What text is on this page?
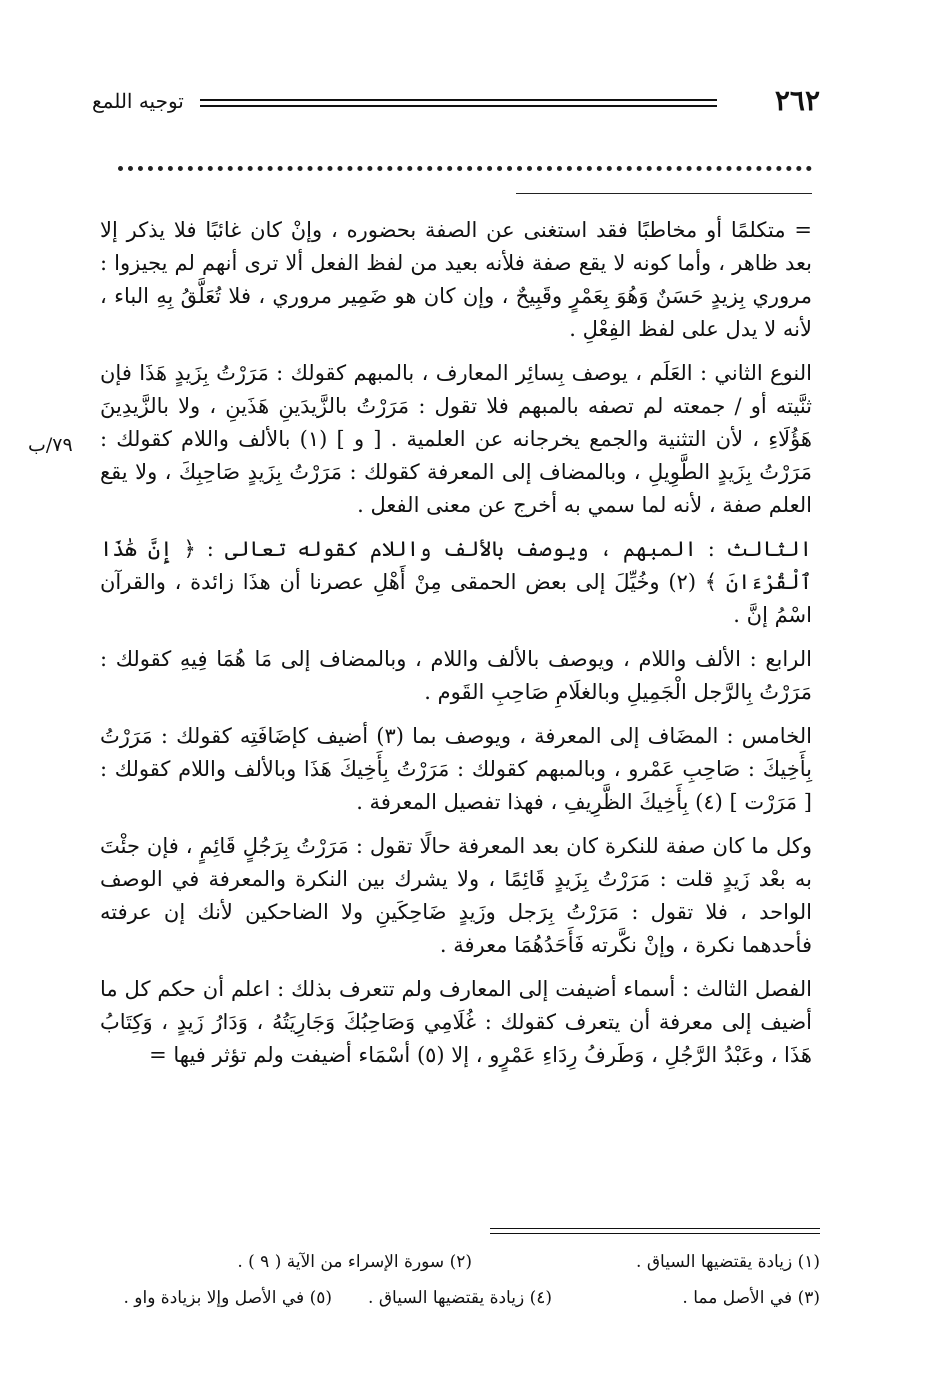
٢٦٢
توجيه اللمع
٧٩/ب

= متكلمًا أو مخاطبًا فقد استغنى عن الصفة بحضوره ، وإنْ كان غائبًا فلا يذكر إلا بعد ظاهر ، وأما كونه لا يقع صفة فلأنه بعيد من لفظ الفعل ألا ترى أنهم لم يجيزوا : مروري بِزيدٍ حَسَنٌ وَهُوَ بِعَمْرٍ وقَبِيحٌ ، وإن كان هو ضَمِير مروري ، فلا تُعَلَّقُ بِهِ الباء ، لأنه لا يدل على لفظ الفِعْلِ .

النوع الثاني : العَلَم ، يوصف بِسائِر المعارف ، بالمبهم كقولك : مَرَرْتُ بِزَيدٍ هَذَا فإن ثنَّيته أو / جمعته لم تصفه بالمبهم فلا تقول : مَرَرْتُ بالزَّيدَينِ هَذَينِ ، ولا بالزَّيدِينَ هَؤُلَاءِ ، لأن التثنية والجمع يخرجانه عن العلمية . [ و ] (١) بالألف واللام كقولك : مَرَرْتُ بِزَيدٍ الطَّوِيلِ ، وبالمضاف إلى المعرفة كقولك : مَرَرْتُ بِزَيدٍ صَاحِبِكَ ، ولا يقع العلم صفة ، لأنه لما سمي به أخرج عن معنى الفعل .

الثالث : المبهم ، ويوصف بالألف واللام كقوله تعالى : ﴿ إِنَّ هَٰذَا ٱلْقُرْءَانَ ﴾ (٢) وخُيِّلَ إلى بعض الحمقى مِنْ أَهْلِ عصرنا أن هذَا زائدة ، والقرآن اسْمُ إنَّ .

الرابع : الألف واللام ، ويوصف بالألف واللام ، وبالمضاف إلى مَا هُمَا فِيهِ كقولك : مَرَرْتُ بِالرَّجل الْجَمِيلِ وبالغلَامِ صَاحِبِ القَوم .

الخامس : المضَاف إلى المعرفة ، ويوصف بما (٣) أضيف كإضَافَتِه كقولك : مَرَرْتُ بِأَخِيكَ : صَاحِبِ عَمْرو ، وبالمبهم كقولك : مَرَرْتُ بِأَخِيكَ هَذَا وبالألف واللام كقولك : [ مَرَرْت ] (٤) بِأَخِيكَ الظَّرِيفِ ، فهذا تفصيل المعرفة .

وكل ما كان صفة للنكرة كان بعد المعرفة حالًا تقول : مَرَرْتُ بِرَجُلٍ قَائِمٍ ، فإن جئْتَ به بعْد زَيدٍ قلت : مَرَرْتُ بِزَيدٍ قَائِمًا ، ولا يشرك بين النكرة والمعرفة في الوصف الواحد ، فلا تقول : مَرَرْتُ بِرَجل وزَيدٍ ضَاحِكَينِ ولا الضاحكين لأنك إن عرفته فأحدهما نكرة ، وإنْ نكَّرته فَأَحَدُهُمَا معرفة .

الفصل الثالث : أسماء أضيفت إلى المعارف ولم تتعرف بذلك : اعلم أن حكم كل ما أضيف إلى معرفة أن يتعرف كقولك : غُلَامِي وَصَاحِبُكَ وَجَارِيَتُهُ ، وَدَارُ زَيدٍ ، وَكِتَابُ هَذَا ، وعَبْدُ الرَّجُلِ ، وَطَرفُ رِدَاءِ عَمْرٍو ، إلا (٥) أسْمَاء أضيفت ولم تؤثر فيها =

(١) زيادة يقتضيها السياق .
(٢) سورة الإسراء من الآية ( ٩ ) .
(٣) في الأصل مما .
(٤) زيادة يقتضيها السياق .
(٥) في الأصل وإلا بزيادة واو .
